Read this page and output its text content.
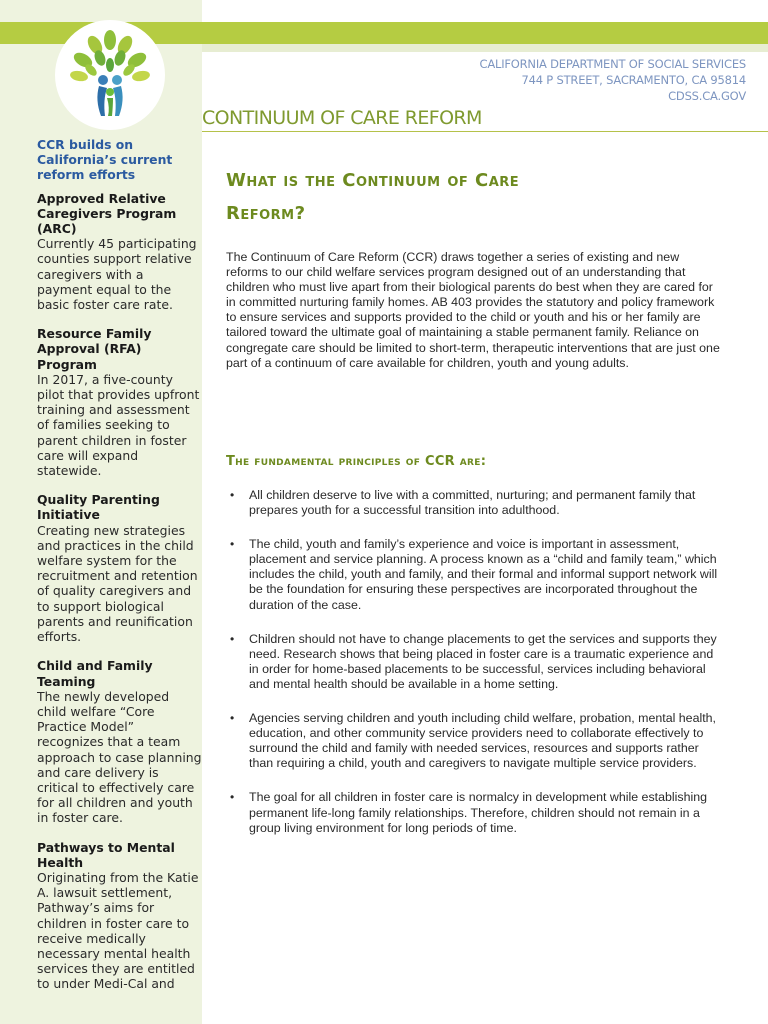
CALIFORNIA DEPARTMENT OF SOCIAL SERVICES
744 P STREET, SACRAMENTO, CA 95814
CDSS.CA.GOV
CONTINUUM OF CARE REFORM
CCR builds on California’s current reform efforts
Approved Relative Caregivers Program (ARC)
Currently 45 participating counties support relative caregivers with a payment equal to the basic foster care rate.
Resource Family Approval (RFA) Program
In 2017, a five-county pilot that provides upfront training and assessment of families seeking to parent children in foster care will expand statewide.
Quality Parenting Initiative
Creating new strategies and practices in the child welfare system for the recruitment and retention of quality caregivers and to support biological parents and reunification efforts.
Child and Family Teaming
The newly developed child welfare “Core Practice Model” recognizes that a team approach to case planning and care delivery is critical to effectively care for all children and youth in foster care.
Pathways to Mental Health
Originating from the Katie A. lawsuit settlement, Pathway’s aims for children in foster care to receive medically necessary mental health services they are entitled to under Medi-Cal and
What is the Continuum of Care
Reform?

The Continuum of Care Reform (CCR) draws together a series of existing and new reforms to our child welfare services program designed out of an understanding that children who must live apart from their biological parents do best when they are cared for in committed nurturing family homes. AB 403 provides the statutory and policy framework to ensure services and supports provided to the child or youth and his or her family are tailored toward the ultimate goal of maintaining a stable permanent family. Reliance on congregate care should be limited to short-term, therapeutic interventions that are just one part of a continuum of care available for children, youth and young adults.

The fundamental principles of CCR are:
• All children deserve to live with a committed, nurturing; and permanent family that prepares youth for a successful transition into adulthood.
• The child, youth and family’s experience and voice is important in assessment, placement and service planning. A process known as a “child and family team,” which includes the child, youth and family, and their formal and informal support network will be the foundation for ensuring these perspectives are incorporated throughout the duration of the case.
• Children should not have to change placements to get the services and supports they need. Research shows that being placed in foster care is a traumatic experience and in order for home-based placements to be successful, services including behavioral and mental health should be available in a home setting.
• Agencies serving children and youth including child welfare, probation, mental health, education, and other community service providers need to collaborate effectively to surround the child and family with needed services, resources and supports rather than requiring a child, youth and caregivers to navigate multiple service providers.
• The goal for all children in foster care is normalcy in development while establishing permanent life-long family relationships. Therefore, children should not remain in a group living environment for long periods of time.
